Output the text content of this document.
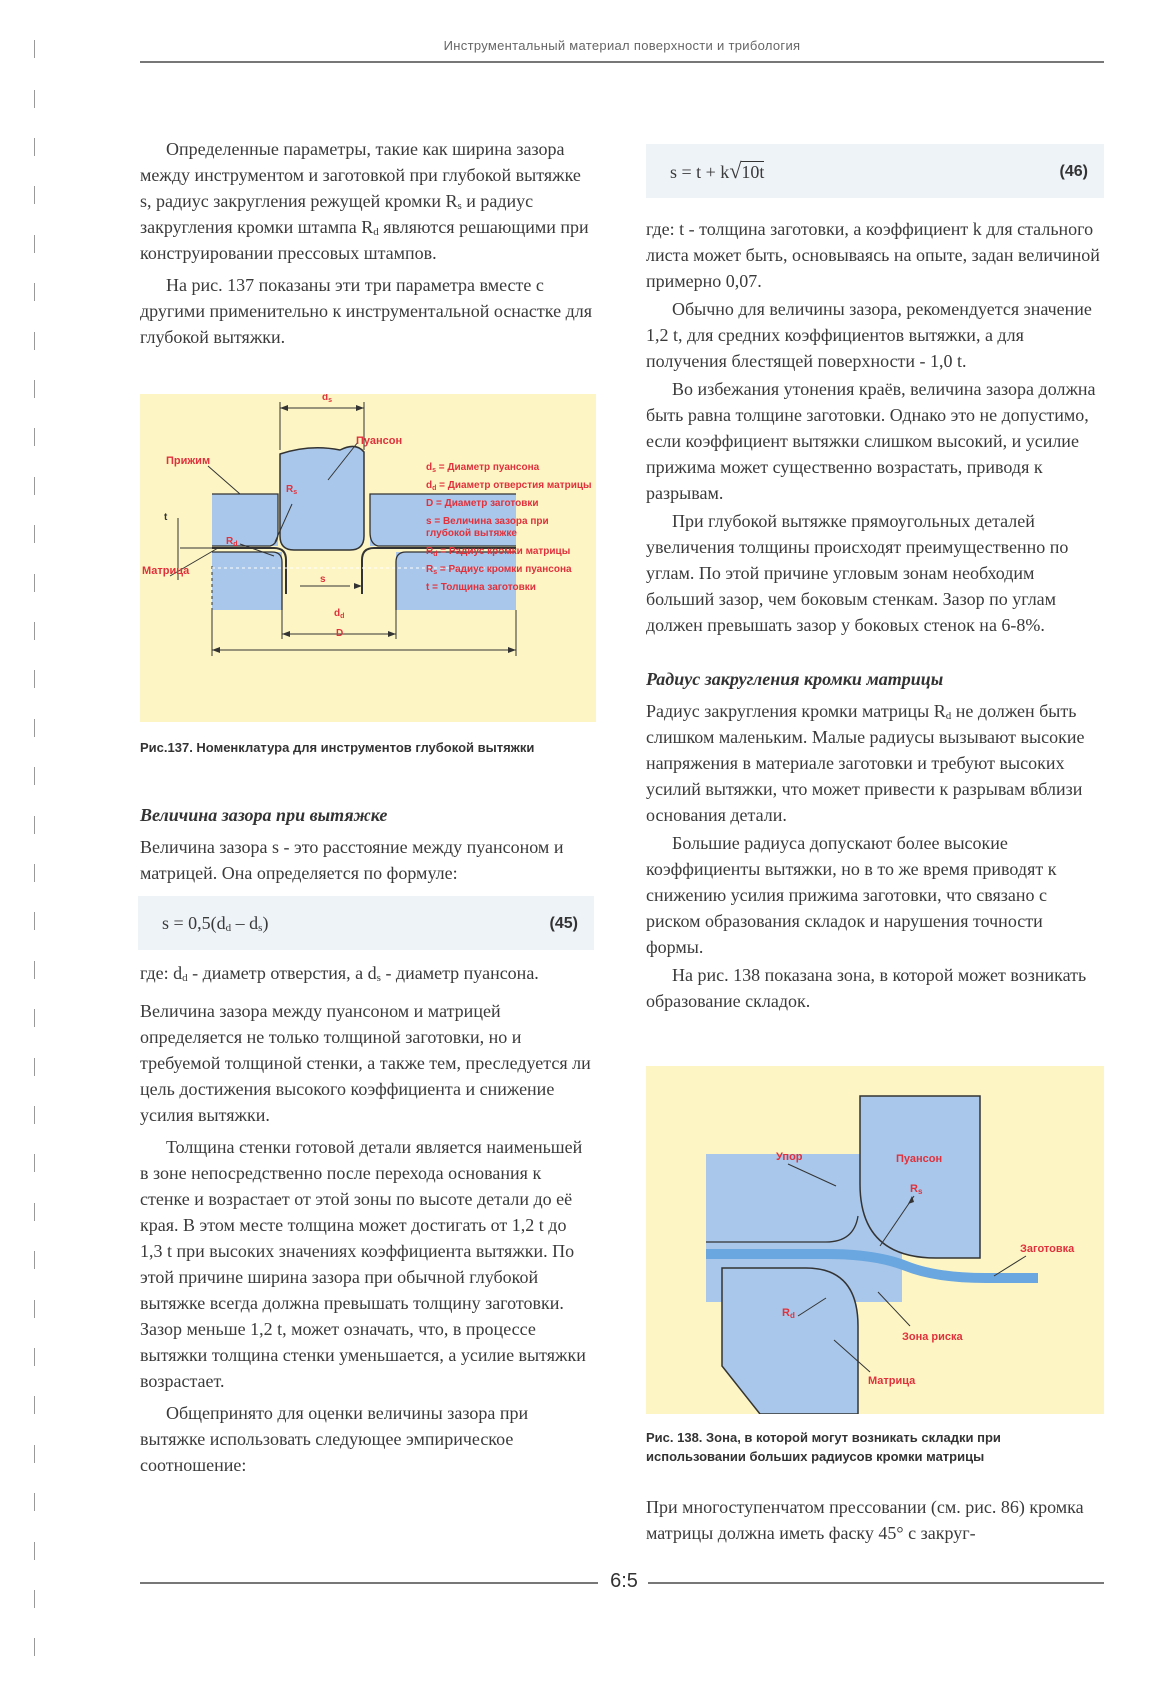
Инструментальный материал поверхности и трибология

Определенные параметры, такие как ширина зазора между инструментом и заготовкой при глубокой вытяжке s, радиус закругления режущей кромки $R_s$ и радиус закругления кромки штампа $R_d$ являются решающими при конструировании прессовых штампов.

На рис. 137 показаны эти три параметра вместе с другими применительно к инструментальной оснастке для глубокой вытяжки.

$d_s$
Пуансон
Прижим
Матрица
t
$R_s$
$R_d$
s
$d_d$
D
$d_s$ = Диаметр пуансона
$d_d$ = Диаметр отверстия матрицы
D = Диаметр заготовки
s = Величина зазора при глубокой вытяжке
$R_d$ = Радиус кромки матрицы
$R_s$ = Радиус кромки пуансона
t = Толщина заготовки
Рис.137. Номенклатура для инструментов глубокой вытяжки

Величина зазора при вытяжке

Величина зазора s - это расстояние между пуансоном и матрицей. Она определяется по формуле:

$s = 0,5(d_d - d_s)$	(45)

где: $d_d$ - диаметр отверстия, а $d_s$ - диаметр пуансона.

Величина зазора между пуансоном и матрицей определяется не только толщиной заготовки, но и требуемой толщиной стенки, а также тем, преследуется ли цель достижения высокого коэффициента и снижение усилия вытяжки.

Толщина стенки готовой детали является наименьшей в зоне непосредственно после перехода основания к стенке и возрастает от этой зоны по высоте детали до её края. В этом месте толщина может достигать от 1,2 t до 1,3 t при высоких значениях коэффициента вытяжки. По этой причине ширина зазора при обычной глубокой вытяжке всегда должна превышать толщину заготовки. Зазор меньше 1,2 t, может означать, что, в процессе вытяжки толщина стенки уменьшается, а усилие вытяжки возрастает.

Общепринято для оценки величины зазора при вытяжке использовать следующее эмпирическое соотношение:

s = t + k√10t	(46)

где: t - толщина заготовки, а коэффициент k для стального листа может быть, основываясь на опыте, задан величиной примерно 0,07.

Обычно для величины зазора, рекомендуется значение 1,2 t, для средних коэффициентов вытяжки, а для получения блестящей поверхности - 1,0 t.

Во избежания утонения краёв, величина зазора должна быть равна толщине заготовки. Однако это не допустимо, если коэффициент вытяжки слишком высокий, и усилие прижима может существенно возрастать, приводя к разрывам.

При глубокой вытяжке прямоугольных деталей увеличения толщины происходят преимущественно по углам. По этой причине угловым зонам необходим больший зазор, чем боковым стенкам. Зазор по углам должен превышать зазор у боковых стенок на 6-8%.

Радиус закругления кромки матрицы

Радиус закругления кромки матрицы $R_d$ не должен быть слишком маленьким. Малые радиусы вызывают высокие напряжения в материале заготовки и требуют высоких усилий вытяжки, что может привести к разрывам вблизи основания детали.

Большие радиуса допускают более высокие коэффициенты вытяжки, но в то же время приводят к снижению усилия прижима заготовки, что связано с риском образования складок и нарушения точности формы.

На рис. 138 показана зона, в которой может возникать образование складок.

Упор	Пуансон
Rs
Заготовка
Rd
Зона риска
Матрица
Рис. 138. Зона, в которой могут возникать складки при использовании больших радиусов кромки матрицы

При многоступенчатом прессовании (см. рис. 86) кромка матрицы должна иметь фаску 45° с закруг-

6:5
